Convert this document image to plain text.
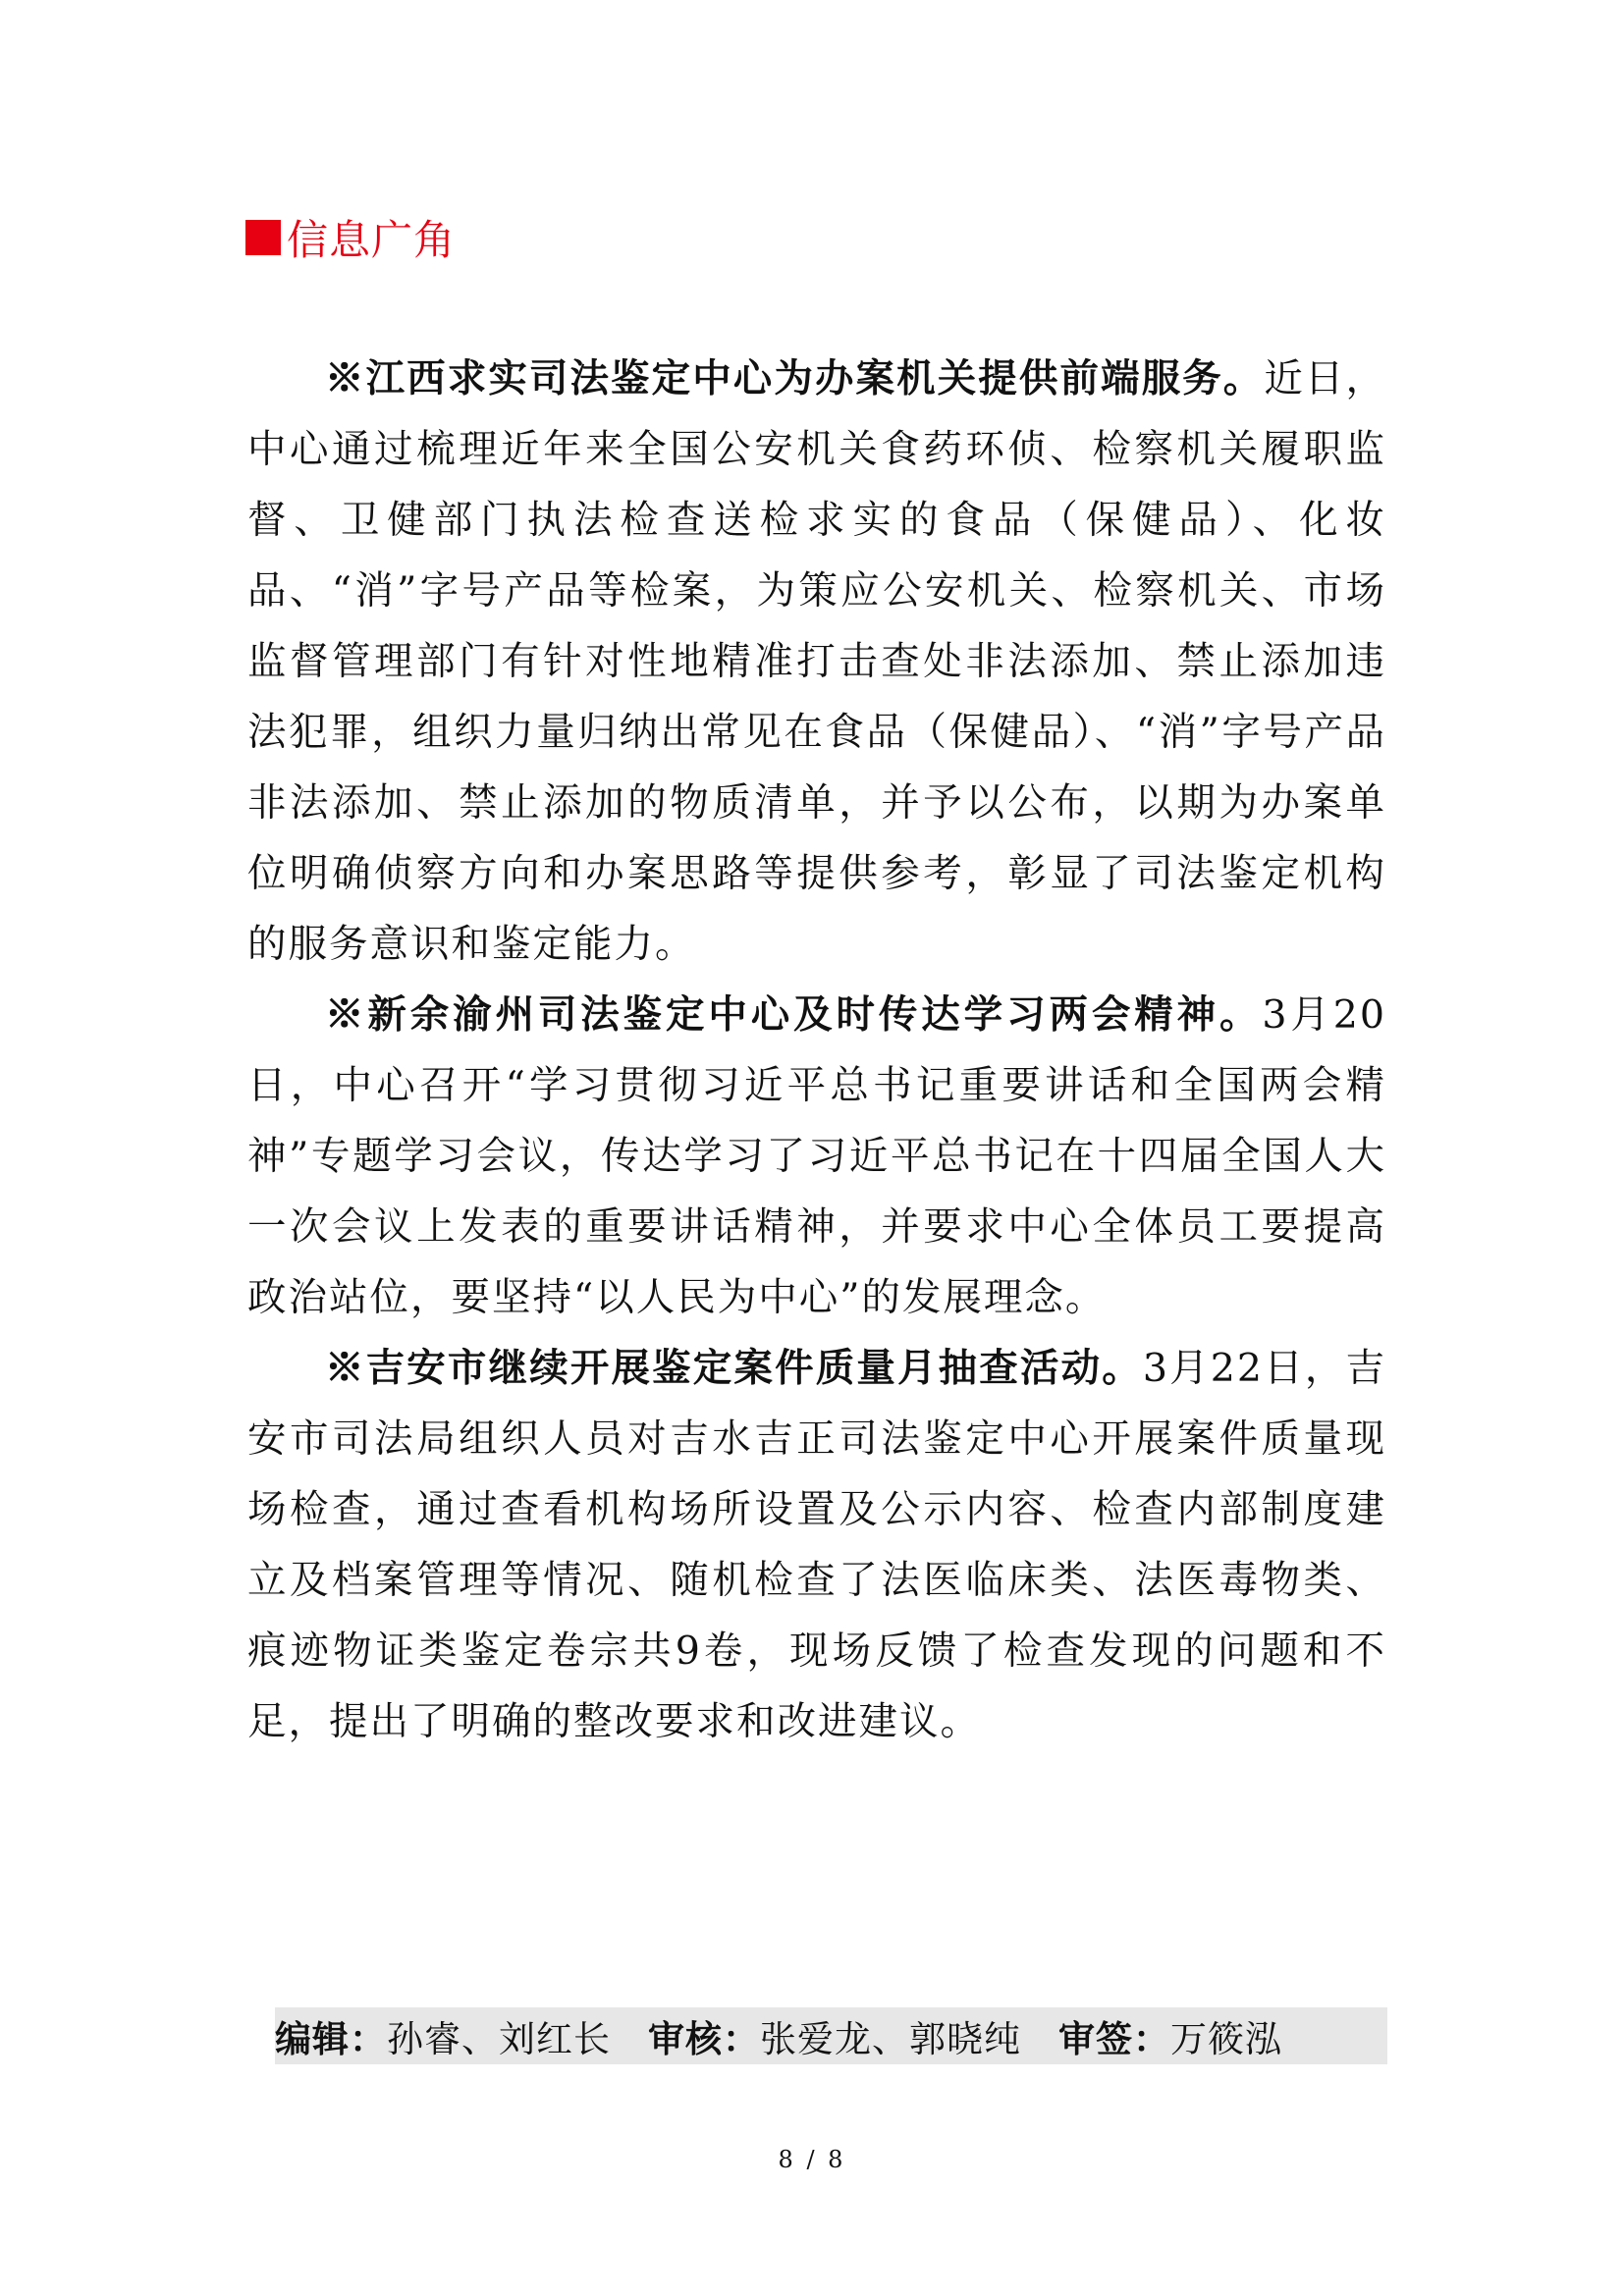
信息广角

※江西求实司法鉴定中心为办案机关提供前端服务。近日，中心通过梳理近年来全国公安机关食药环侦、检察机关履职监督、卫健部门执法检查送检求实的食品（保健品）、化妆品、“消”字号产品等检案，为策应公安机关、检察机关、市场监督管理部门有针对性地精准打击查处非法添加、禁止添加违法犯罪，组织力量归纳出常见在食品（保健品）、“消”字号产品非法添加、禁止添加的物质清单，并予以公布，以期为办案单位明确侦察方向和办案思路等提供参考，彰显了司法鉴定机构的服务意识和鉴定能力。

※新余渝州司法鉴定中心及时传达学习两会精神。3月20日，中心召开“学习贯彻习近平总书记重要讲话和全国两会精神”专题学习会议，传达学习了习近平总书记在十四届全国人大一次会议上发表的重要讲话精神，并要求中心全体员工要提高政治站位，要坚持“以人民为中心”的发展理念。

※吉安市继续开展鉴定案件质量月抽查活动。3月22日，吉安市司法局组织人员对吉水吉正司法鉴定中心开展案件质量现场检查，通过查看机构场所设置及公示内容、检查内部制度建立及档案管理等情况、随机检查了法医临床类、法医毒物类、痕迹物证类鉴定卷宗共9卷，现场反馈了检查发现的问题和不足，提出了明确的整改要求和改进建议。

编辑：孙睿、刘红长 审核：张爱龙、郭晓纯 审签：万筱泓
8 / 8
